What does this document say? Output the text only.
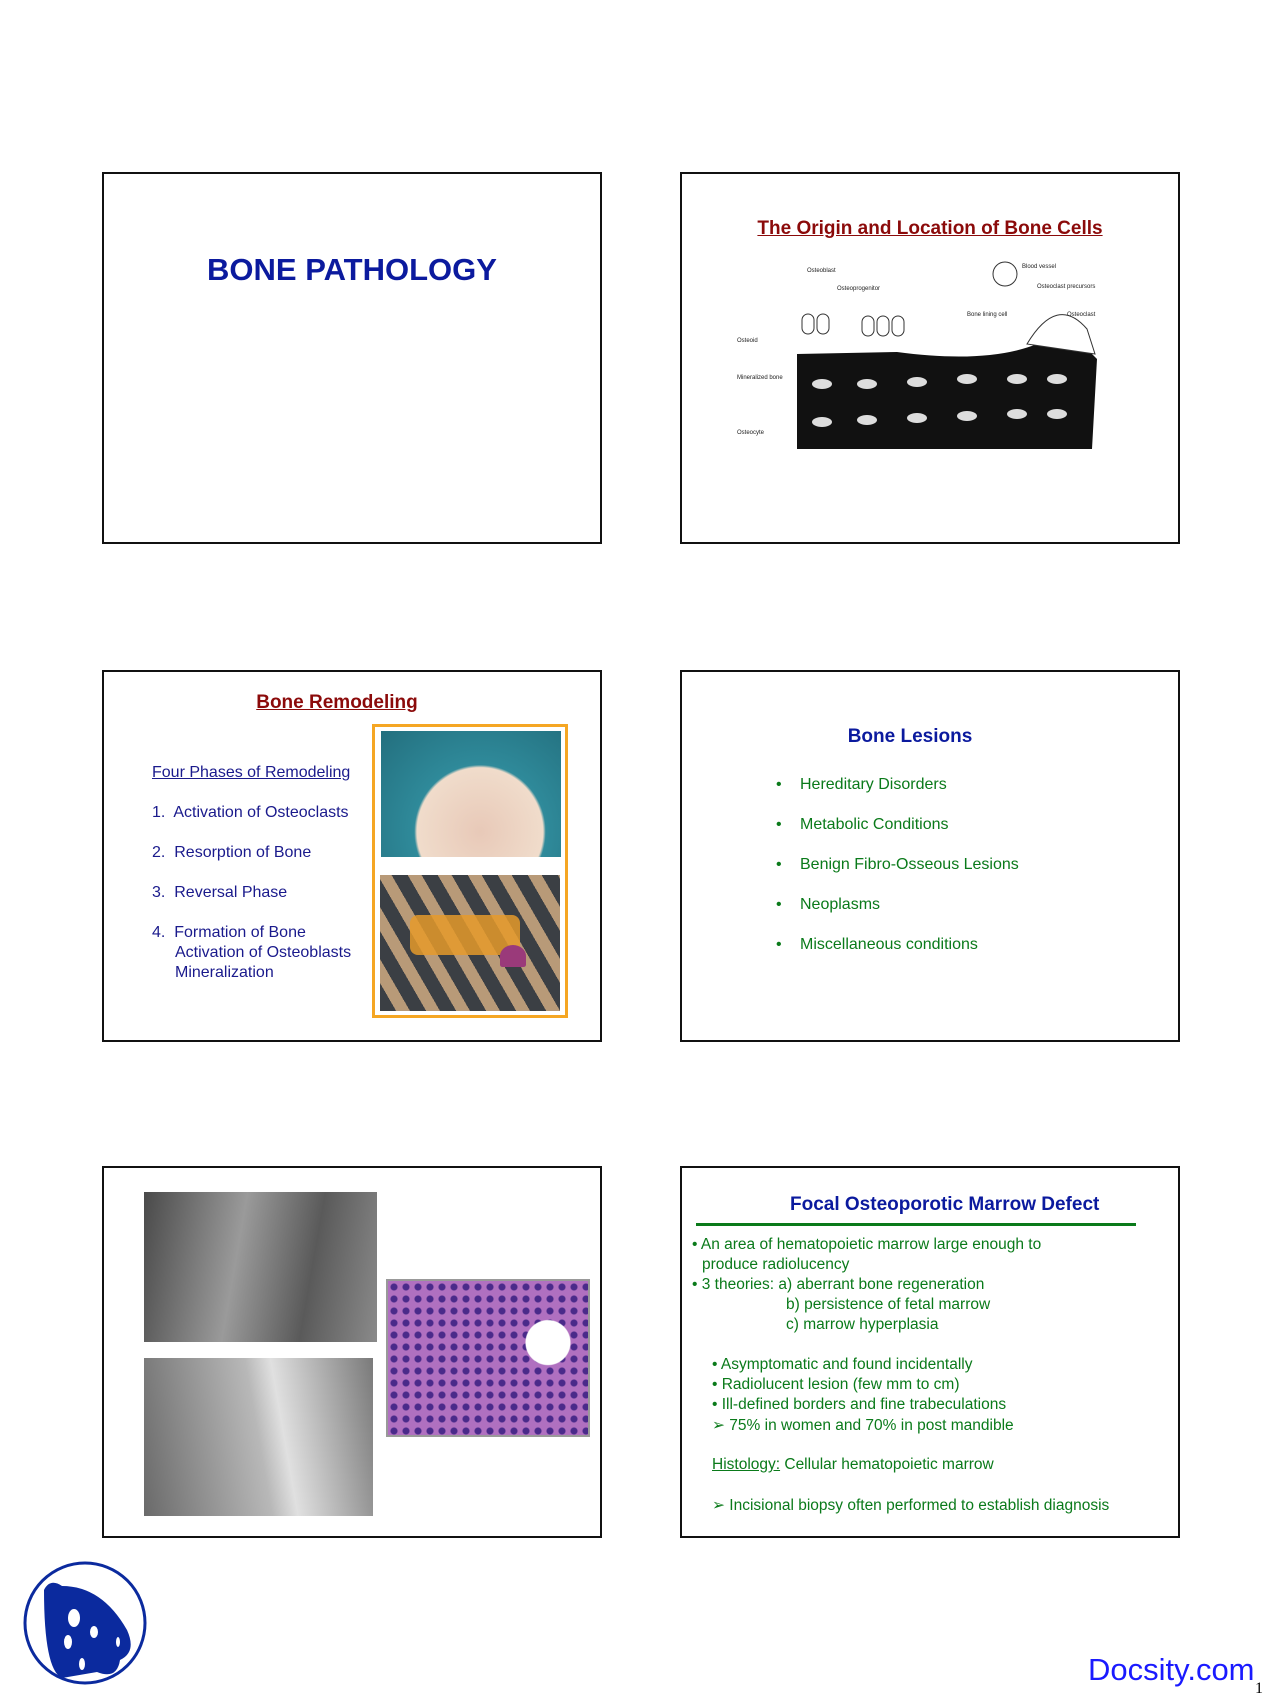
BONE PATHOLOGY
The Origin and Location of Bone Cells
Osteoblast
Osteoprogenitor
Blood vessel
Osteoclast precursors
Bone lining cell	Osteoclast
Osteoid
Mineralized bone
Osteocyte
Bone Remodeling
Four Phases of Remodeling
1. Activation of Osteoclasts
2. Resorption of Bone
3. Reversal Phase
4. Formation of Bone
Activation of Osteoblasts
Mineralization
Bone Lesions
• Hereditary Disorders
• Metabolic Conditions
• Benign Fibro-Osseous Lesions
• Neoplasms
• Miscellaneous conditions
Focal Osteoporotic Marrow Defect
• An area of hematopoietic marrow large enough to
produce radiolucency
• 3 theories: a) aberrant bone regeneration
b) persistence of fetal marrow
c) marrow hyperplasia
• Asymptomatic and found incidentally
• Radiolucent lesion (few mm to cm)
• Ill-defined borders and fine trabeculations
➢ 75% in women and 70% in post mandible
Histology: Cellular hematopoietic marrow
➢ Incisional biopsy often performed to establish diagnosis
Docsity.com
1
